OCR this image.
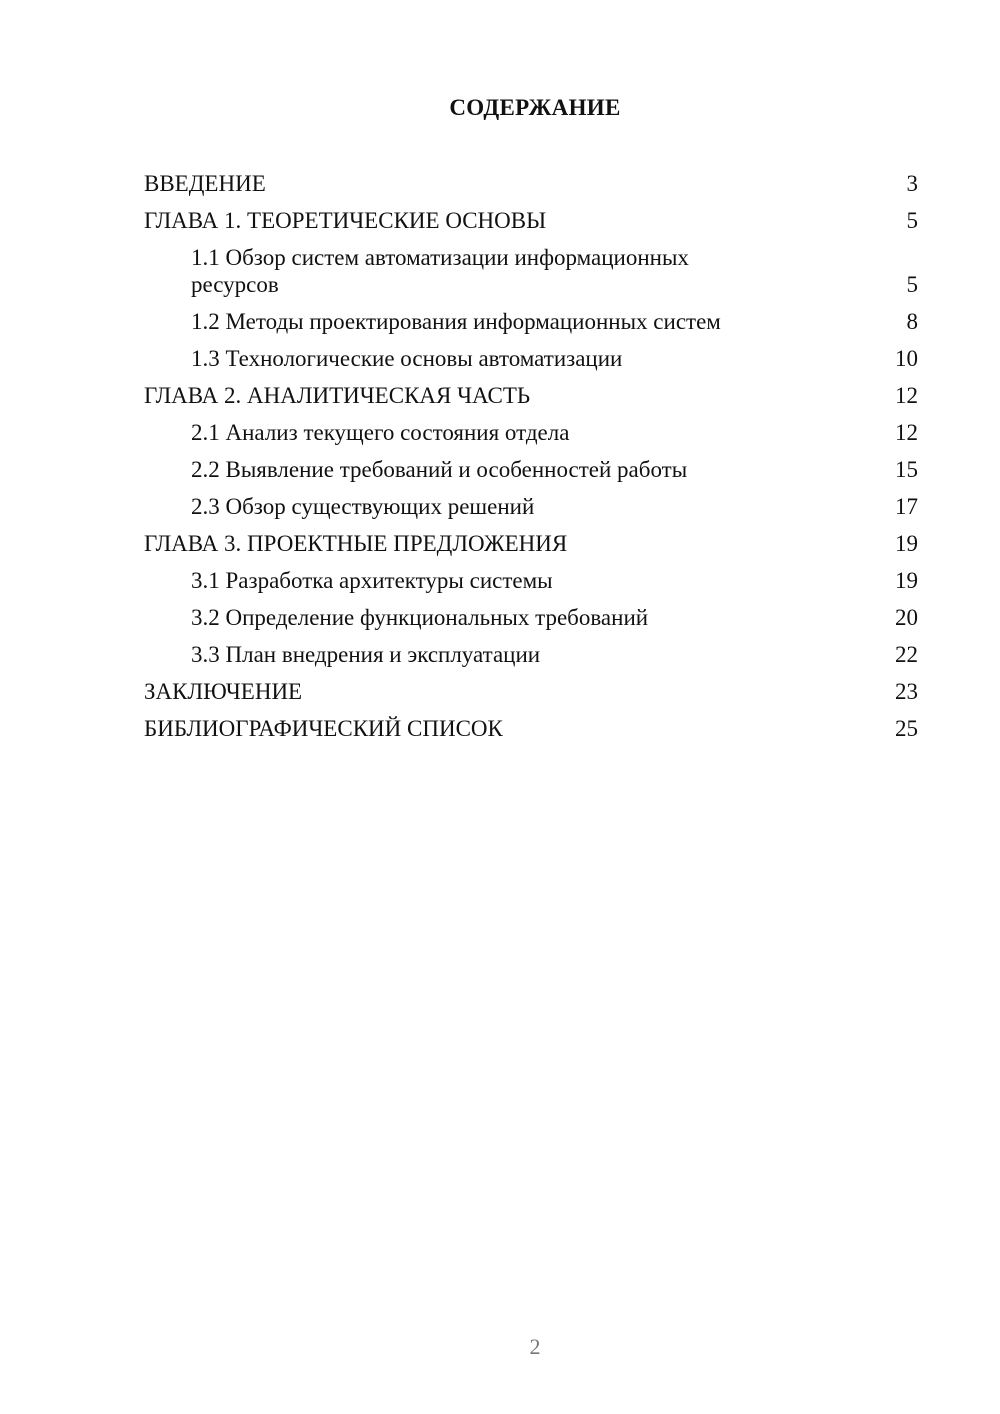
СОДЕРЖАНИЕ
ВВЕДЕНИЕ	3
ГЛАВА 1. ТЕОРЕТИЧЕСКИЕ ОСНОВЫ	5
1.1 Обзор систем автоматизации информационных ресурсов	5
1.2 Методы проектирования информационных систем	8
1.3 Технологические основы автоматизации	10
ГЛАВА 2. АНАЛИТИЧЕСКАЯ ЧАСТЬ	12
2.1 Анализ текущего состояния отдела	12
2.2 Выявление требований и особенностей работы	15
2.3 Обзор существующих решений	17
ГЛАВА 3. ПРОЕКТНЫЕ ПРЕДЛОЖЕНИЯ	19
3.1 Разработка архитектуры системы	19
3.2 Определение функциональных требований	20
3.3 План внедрения и эксплуатации	22
ЗАКЛЮЧЕНИЕ	23
БИБЛИОГРАФИЧЕСКИЙ СПИСОК	25
2
